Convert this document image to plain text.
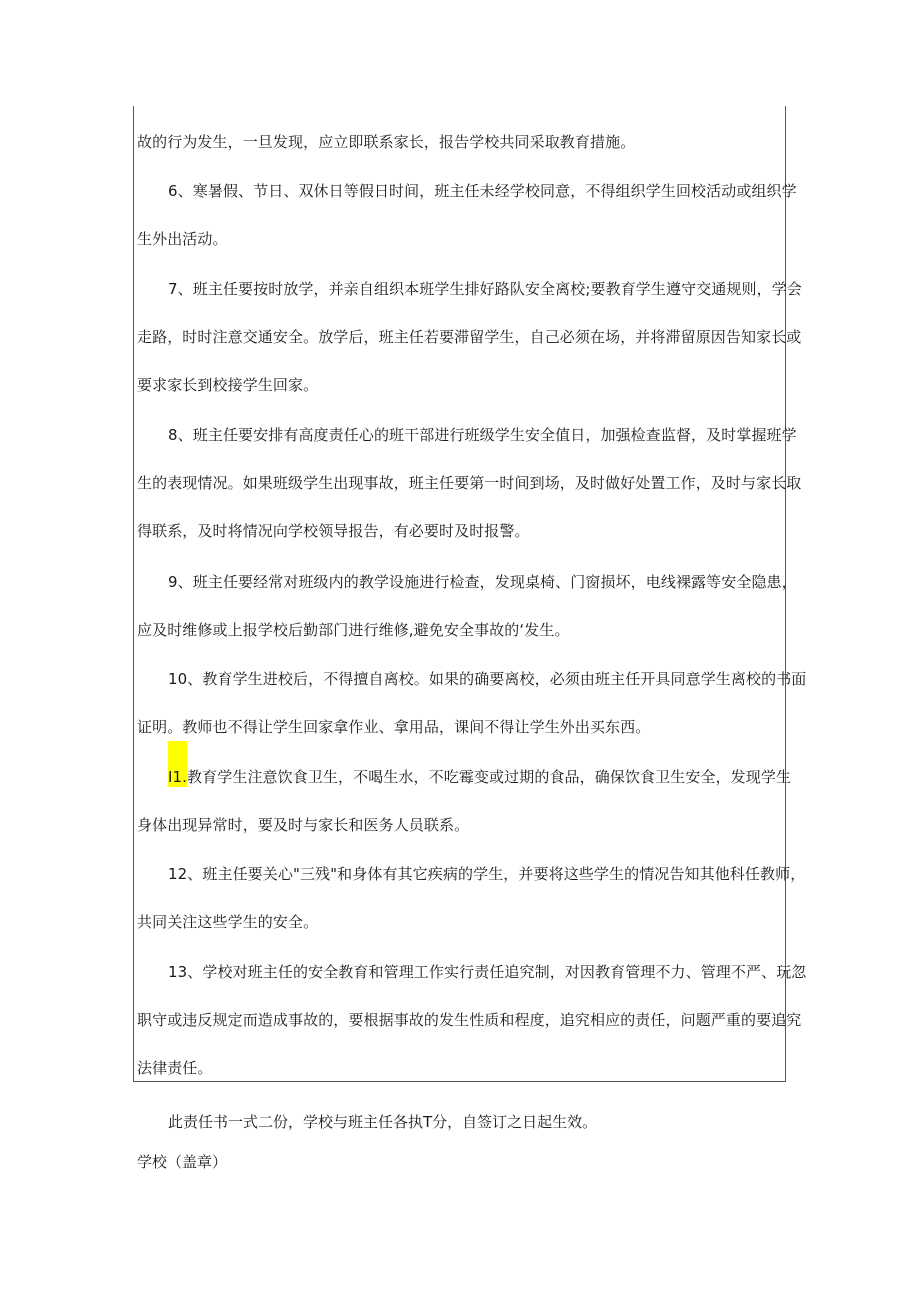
故的行为发生，一旦发现，应立即联系家长，报告学校共同采取教育措施。
6、寒暑假、节日、双休日等假日时间，班主任未经学校同意，不得组织学生回校活动或组织学
生外出活动。
7、班主任要按时放学，并亲自组织本班学生排好路队安全离校;要教育学生遵守交通规则，学会
走路，时时注意交通安全。放学后，班主任若要滞留学生，自己必须在场，并将滞留原因告知家长或
要求家长到校接学生回家。
8、班主任要安排有高度责任心的班干部进行班级学生安全值日，加强检查监督，及时掌握班学
生的表现情况。如果班级学生出现事故，班主任要第一时间到场，及时做好处置工作，及时与家长取
得联系，及时将情况向学校领导报告，有必要时及时报警。
9、班主任要经常对班级内的教学设施进行检查，发现桌椅、门窗损坏，电线裸露等安全隐患，
应及时维修或上报学校后勤部门进行维修,避免安全事故的‘发生。
10、教育学生进校后，不得擅自离校。如果的确要离校，必须由班主任开具同意学生离校的书面
证明。教师也不得让学生回家拿作业、拿用品，课间不得让学生外出买东西。
I1.教育学生注意饮食卫生，不喝生水，不吃霉变或过期的食品，确保饮食卫生安全，发现学生
身体出现异常时，要及时与家长和医务人员联系。
12、班主任要关心"三残"和身体有其它疾病的学生，并要将这些学生的情况告知其他科任教师，
共同关注这些学生的安全。
13、学校对班主任的安全教育和管理工作实行责任追究制，对因教育管理不力、管理不严、玩忽
职守或违反规定而造成事故的，要根据事故的发生性质和程度，追究相应的责任，问题严重的要追究
法律责任。
此责任书一式二份，学校与班主任各执T分，自签订之日起生效。
学校（盖章）
